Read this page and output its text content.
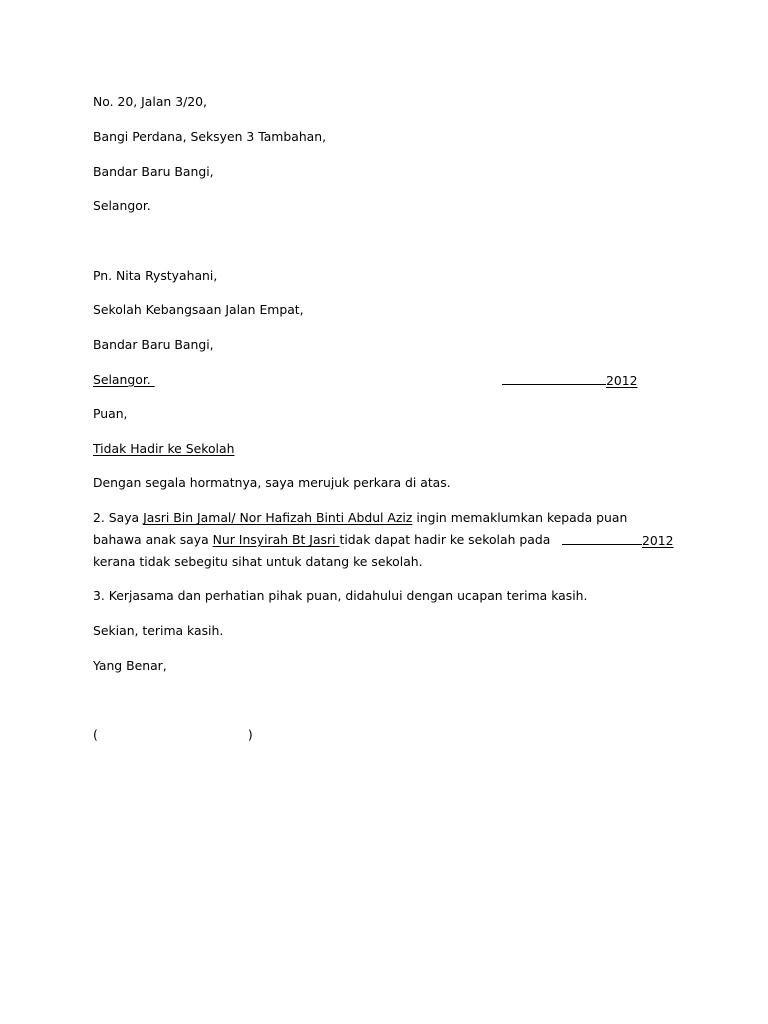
No. 20, Jalan 3/20,
Bangi Perdana, Seksyen 3 Tambahan,
Bandar Baru Bangi,
Selangor.
Pn. Nita Rystyahani,
Sekolah Kebangsaan Jalan Empat,
Bandar Baru Bangi,
Selangor.	2012
Puan,
Tidak Hadir ke Sekolah
Dengan segala hormatnya, saya merujuk perkara di atas.
2. Saya Jasri Bin Jamal/ Nor Hafizah Binti Abdul Aziz ingin memaklumkan kepada puan
bahawa anak saya Nur Insyirah Bt Jasri tidak dapat hadir ke sekolah pada	2012
kerana tidak sebegitu sihat untuk datang ke sekolah.
3. Kerjasama dan perhatian pihak puan, didahului dengan ucapan terima kasih.
Sekian, terima kasih.
Yang Benar,
(	)
